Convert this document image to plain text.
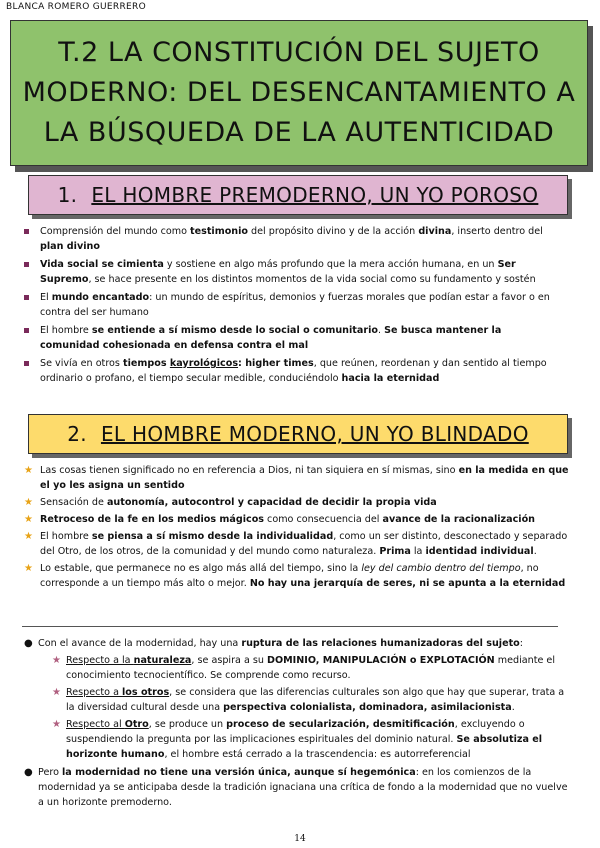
BLANCA ROMERO GUERRERO
T.2 LA CONSTITUCIÓN DEL SUJETO
MODERNO: DEL DESENCANTAMIENTO A
LA BÚSQUEDA DE LA AUTENTICIDAD
1. EL HOMBRE PREMODERNO, UN YO POROSO
Comprensión del mundo como testimonio del propósito divino y de la acción divina, inserto dentro del plan divino
Vida social se cimienta y sostiene en algo más profundo que la mera acción humana, en un Ser Supremo, se hace presente en los distintos momentos de la vida social como su fundamento y sostén
El mundo encantado: un mundo de espíritus, demonios y fuerzas morales que podían estar a favor o en contra del ser humano
El hombre se entiende a sí mismo desde lo social o comunitario. Se busca mantener la comunidad cohesionada en defensa contra el mal
Se vivía en otros tiempos kayrológicos: higher times, que reúnen, reordenan y dan sentido al tiempo ordinario o profano, el tiempo secular medible, conduciéndolo hacia la eternidad
2. EL HOMBRE MODERNO, UN YO BLINDADO
★ Las cosas tienen significado no en referencia a Dios, ni tan siquiera en sí mismas, sino en la medida en que el yo les asigna un sentido
★ Sensación de autonomía, autocontrol y capacidad de decidir la propia vida
★ Retroceso de la fe en los medios mágicos como consecuencia del avance de la racionalización
★ El hombre se piensa a sí mismo desde la individualidad, como un ser distinto, desconectado y separado del Otro, de los otros, de la comunidad y del mundo como naturaleza. Prima la identidad individual.
★ Lo estable, que permanece no es algo más allá del tiempo, sino la ley del cambio dentro del tiempo, no corresponde a un tiempo más alto o mejor. No hay una jerarquía de seres, ni se apunta a la eternidad
● Con el avance de la modernidad, hay una ruptura de las relaciones humanizadoras del sujeto:
★ Respecto a la naturaleza, se aspira a su DOMINIO, MANIPULACIÓN o EXPLOTACIÓN mediante el conocimiento tecnocientífico. Se comprende como recurso.
★ Respecto a los otros, se considera que las diferencias culturales son algo que hay que superar, trata a la diversidad cultural desde una perspectiva colonialista, dominadora, asimilacionista.
★ Respecto al Otro, se produce un proceso de secularización, desmitificación, excluyendo o suspendiendo la pregunta por las implicaciones espirituales del dominio natural. Se absolutiza el horizonte humano, el hombre está cerrado a la trascendencia: es autorreferencial
● Pero la modernidad no tiene una versión única, aunque sí hegemónica: en los comienzos de la modernidad ya se anticipaba desde la tradición ignaciana una crítica de fondo a la modernidad que no vuelve a un horizonte premoderno.
14
